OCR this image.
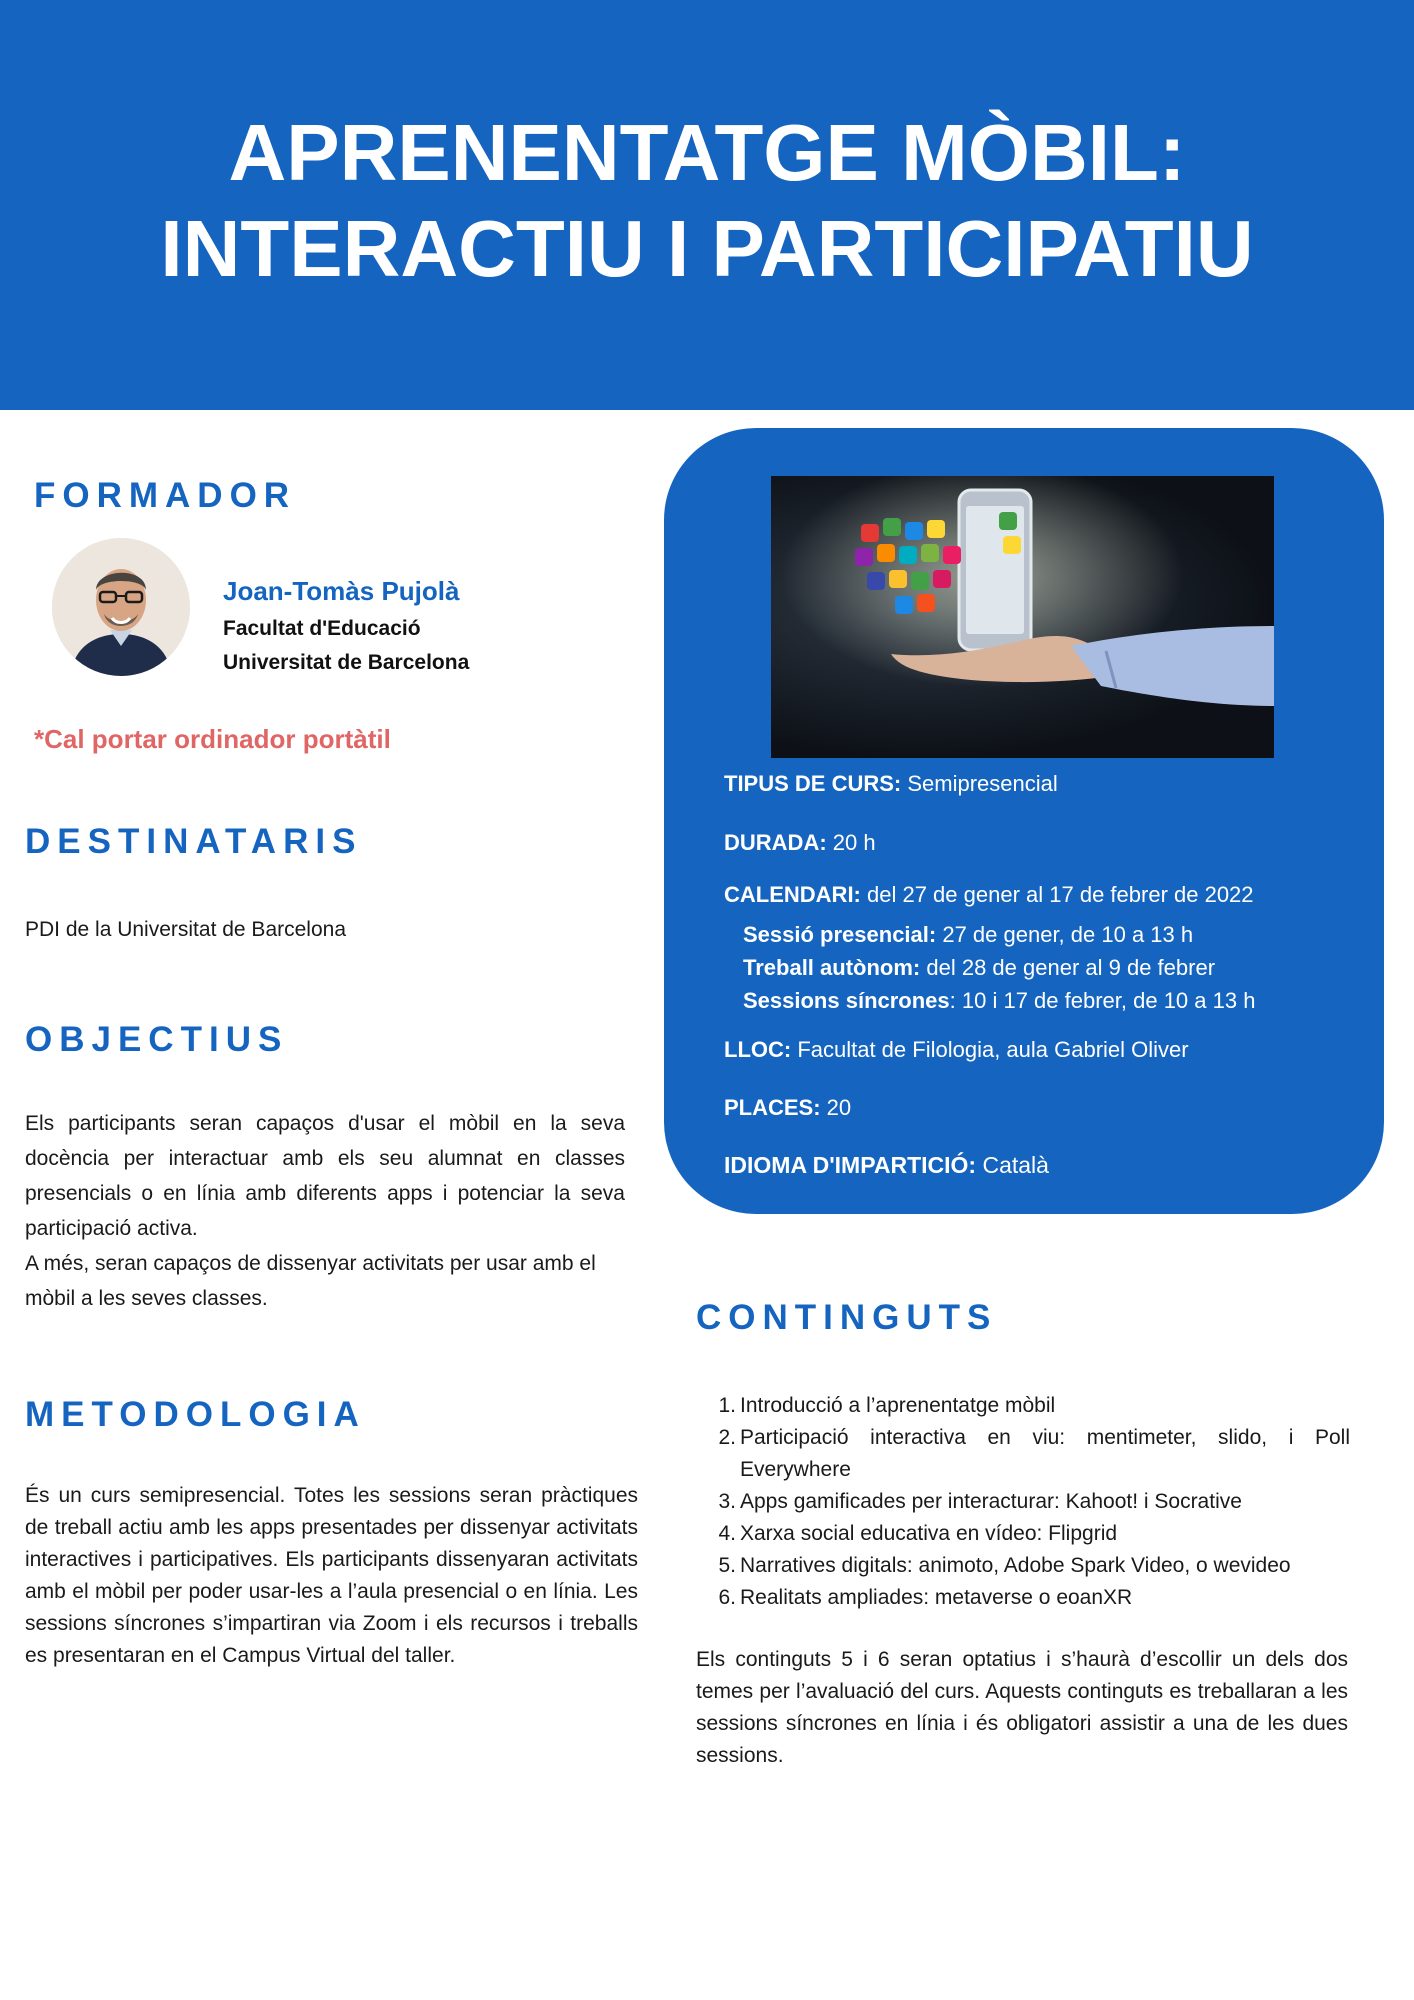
APRENENTATGE MÒBIL:
INTERACTIU I PARTICIPATIU
FORMADOR
Joan-Tomàs Pujolà
Facultat d'Educació
Universitat de Barcelona
*Cal portar ordinador portàtil
DESTINATARIS

PDI de la Universitat de Barcelona

OBJECTIUS

Els participants seran capaços d'usar el mòbil en la seva docència per interactuar amb els seu alumnat en classes presencials o en línia amb diferents apps i potenciar la seva participació activa.

A més, seran capaços de dissenyar activitats per usar amb el mòbil a les seves classes.

METODOLOGIA

És un curs semipresencial. Totes les sessions seran pràctiques de treball actiu amb les apps presentades per dissenyar activitats interactives i participatives. Els participants dissenyaran activitats amb el mòbil per poder usar-les a l’aula presencial o en línia. Les sessions síncrones s’impartiran via Zoom i els recursos i treballs es presentaran en el Campus Virtual del taller.

TIPUS DE CURS: Semipresencial
DURADA: 20 h
CALENDARI: del 27 de gener al 17 de febrer de 2022
Sessió presencial: 27 de gener, de 10 a 13 h
Treball autònom: del 28 de gener al 9 de febrer
Sessions síncrones: 10 i 17 de febrer, de 10 a 13 h
LLOC: Facultat de Filologia, aula Gabriel Oliver
PLACES: 20
IDIOMA D'IMPARTICIÓ: Català
CONTINGUTS
1. Introducció a l’aprenentatge mòbil
2. Participació interactiva en viu: mentimeter, slido, i Poll Everywhere
3. Apps gamificades per interacturar: Kahoot! i Socrative
4. Xarxa social educativa en vídeo: Flipgrid
5. Narratives digitals: animoto, Adobe Spark Video, o wevideo
6. Realitats ampliades: metaverse o eoanXR

Els continguts 5 i 6 seran optatius i s’haurà d’escollir un dels dos temes per l’avaluació del curs. Aquests continguts es treballaran a les sessions síncrones en línia i és obligatori assistir a una de les dues sessions.
